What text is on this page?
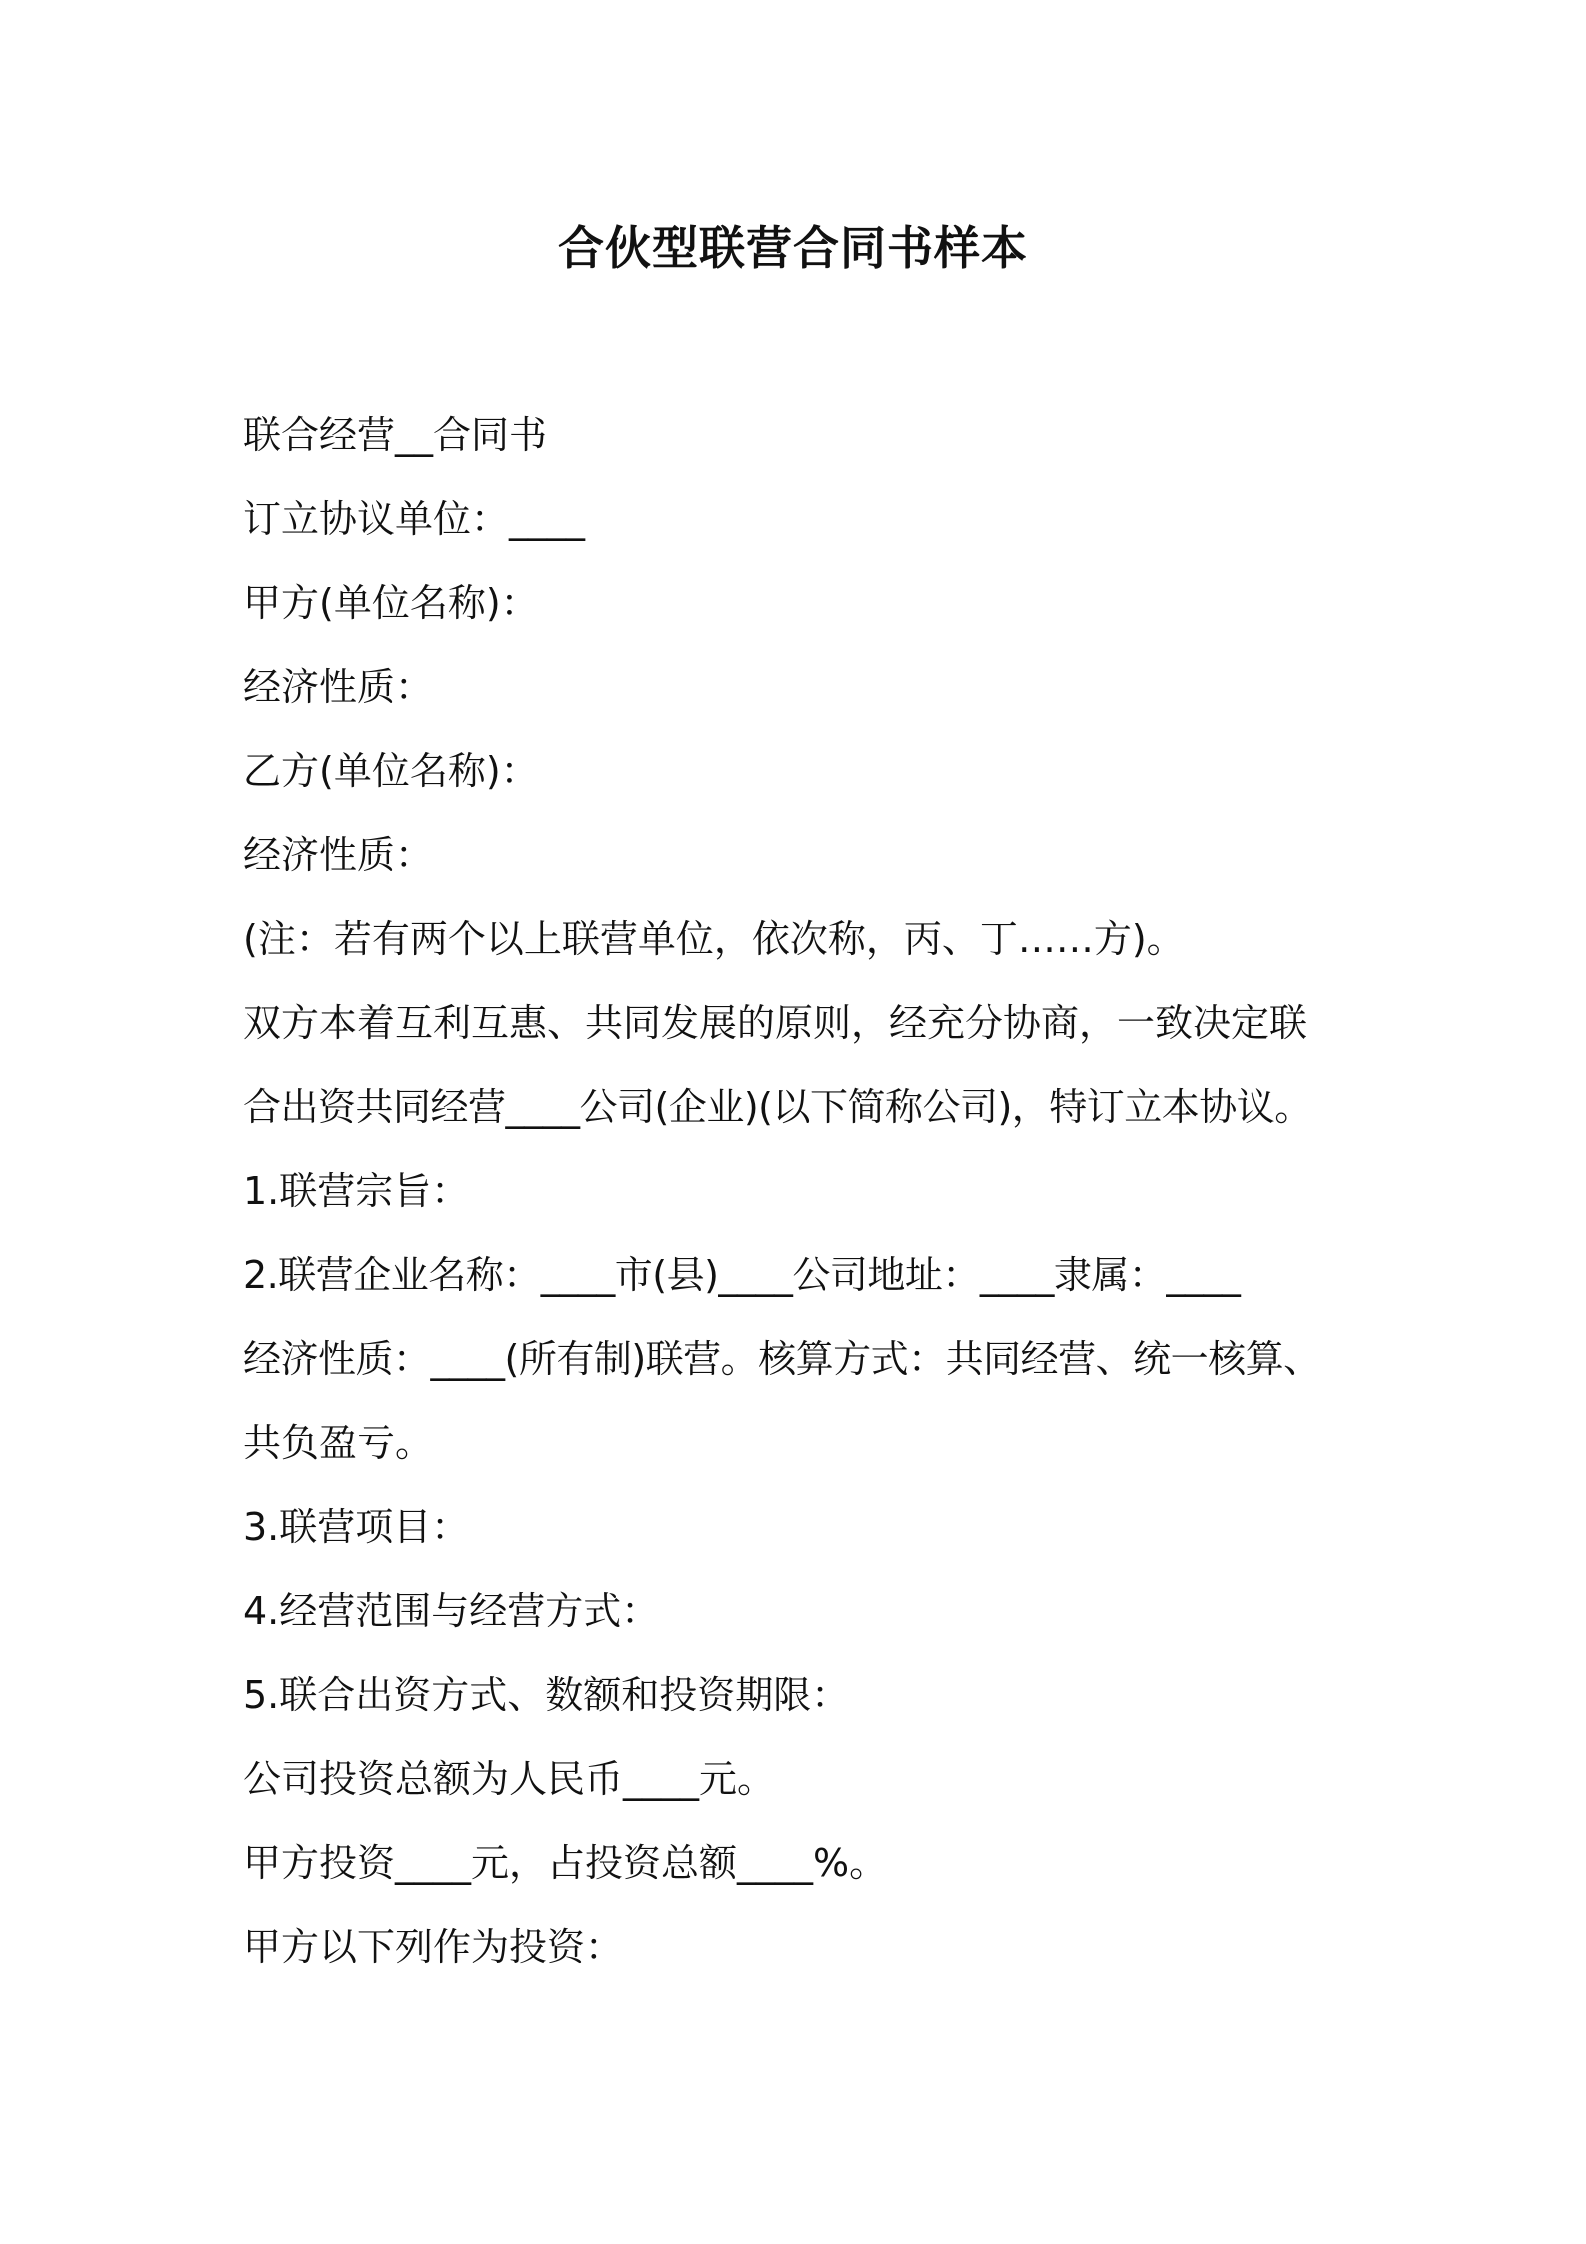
合伙型联营合同书样本
联合经营__合同书
订立协议单位：____
甲方(单位名称)：
经济性质：
乙方(单位名称)：
经济性质：
(注：若有两个以上联营单位，依次称，丙、丁……方)。
双方本着互利互惠、共同发展的原则，经充分协商，一致决定联
合出资共同经营____公司(企业)(以下简称公司)，特订立本协议。
1.联营宗旨：
2.联营企业名称：____市(县)____公司地址：____隶属：____
经济性质：____(所有制)联营。核算方式：共同经营、统一核算、
共负盈亏。
3.联营项目：
4.经营范围与经营方式：
5.联合出资方式、数额和投资期限：
公司投资总额为人民币____元。
甲方投资____元，占投资总额____%。
甲方以下列作为投资：
